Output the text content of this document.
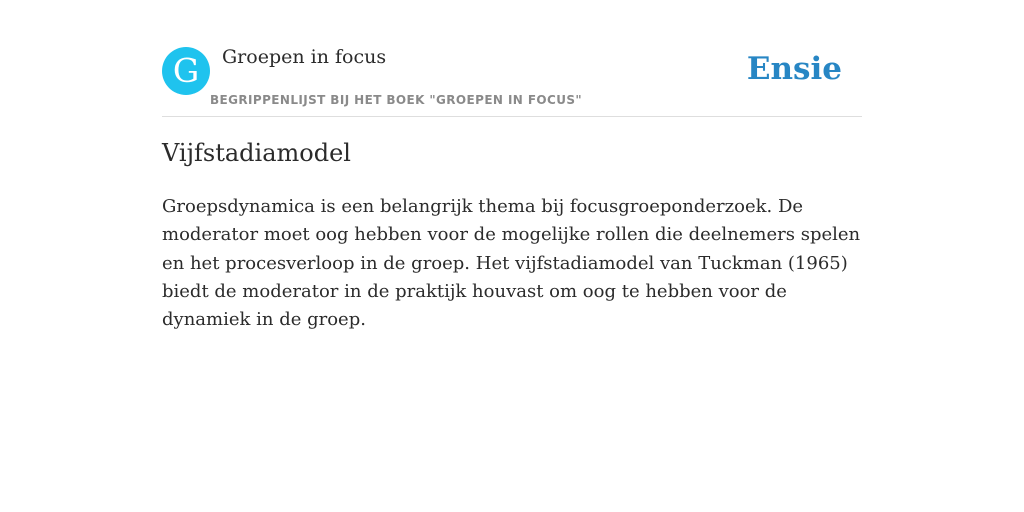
G	Groepen in focus
BEGRIPPENLIJST BIJ HET BOEK "GROEPEN IN FOCUS"
Ensie
Vijfstadiamodel

Groepsdynamica is een belangrijk thema bij focusgroeponderzoek. De moderator moet oog hebben voor de mogelijke rollen die deelnemers spelen en het procesverloop in de groep. Het vijfstadiamodel van Tuckman (1965) biedt de moderator in de praktijk houvast om oog te hebben voor de dynamiek in de groep.
